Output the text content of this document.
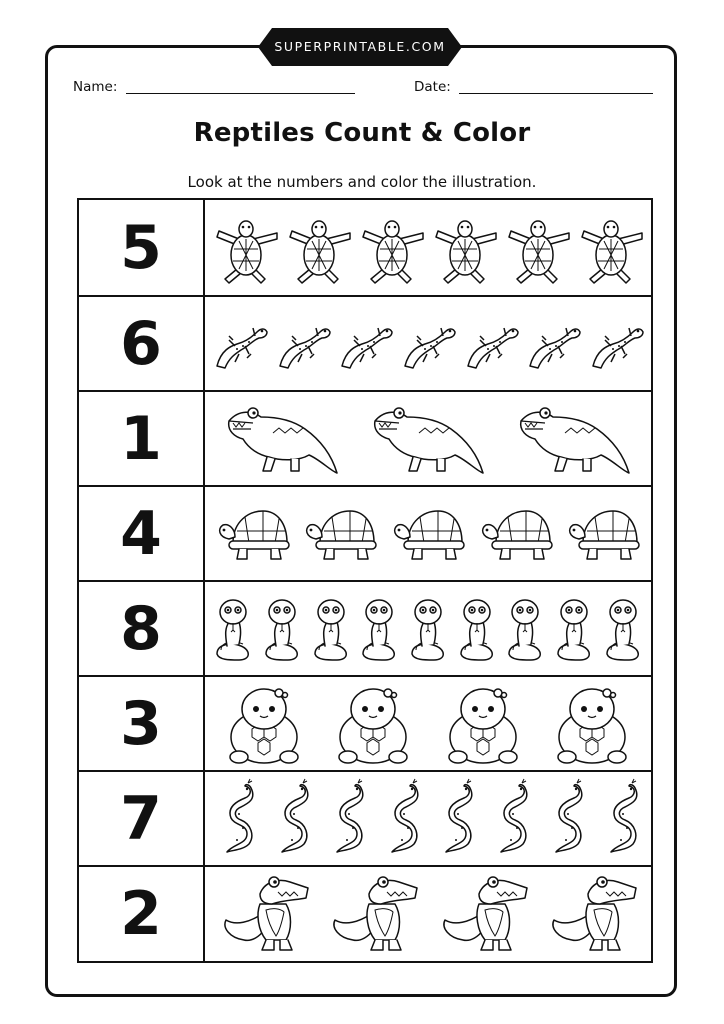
SUPERPRINTABLE.COM
Name:	Date:
Reptiles Count & Color
Look at the numbers and color the illustration.
5
6
1
4
8
3
7
2
